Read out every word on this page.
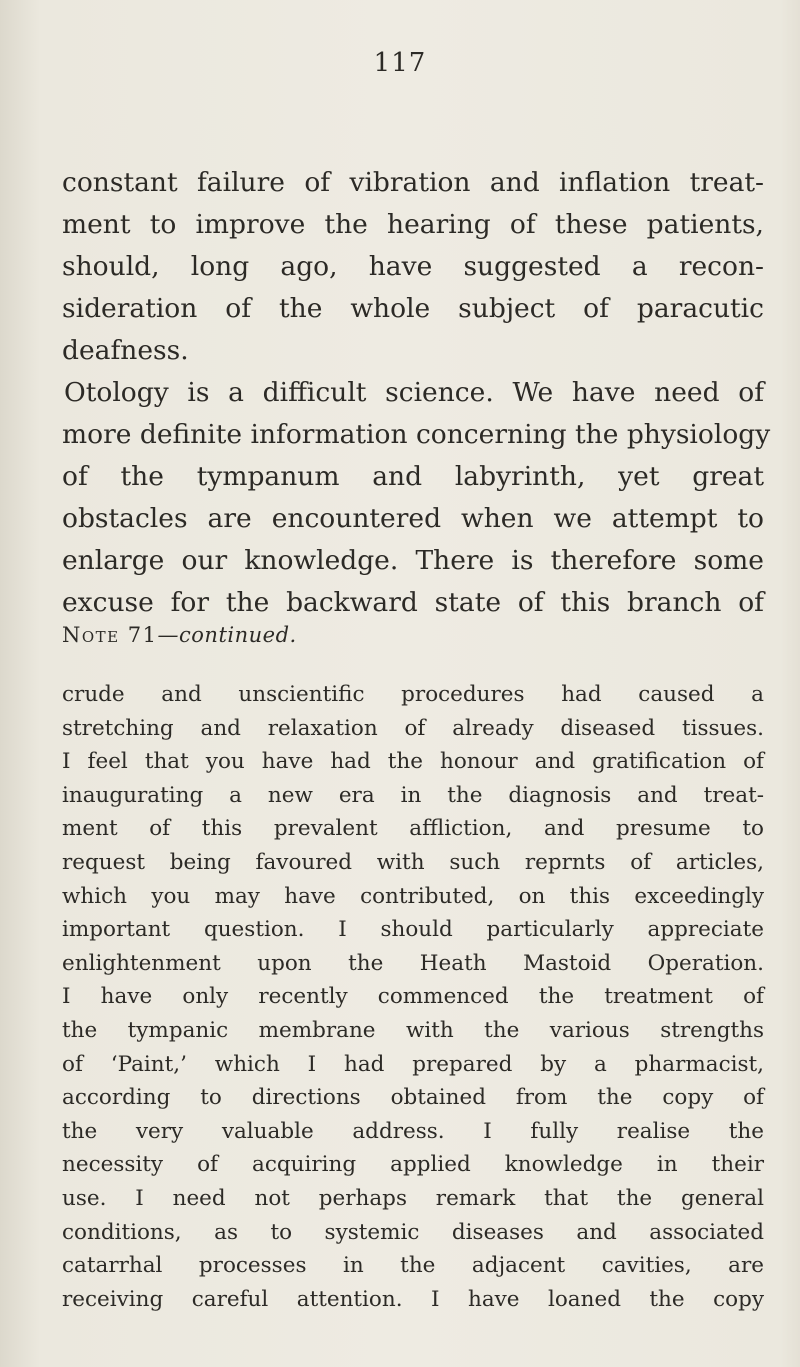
117
constant failure of vibration and inflation treat-
ment to improve the hearing of these patients,
should, long ago, have suggested a recon-
sideration of the whole subject of paracutic
deafness.
Otology is a difficult science. We have need of
more definite information concerning the physiology
of the tympanum and labyrinth, yet great
obstacles are encountered when we attempt to
enlarge our knowledge. There is therefore some
excuse for the backward state of this branch of
Note 71—continued.
crude and unscientific procedures had caused a
stretching and relaxation of already diseased tissues.
I feel that you have had the honour and gratification of
inaugurating a new era in the diagnosis and treat-
ment of this prevalent affliction, and presume to
request being favoured with such reprnts of articles,
which you may have contributed, on this exceedingly
important question. I should particularly appreciate
enlightenment upon the Heath Mastoid Operation.
I have only recently commenced the treatment of
the tympanic membrane with the various strengths
of ‘Paint,’ which I had prepared by a pharmacist,
according to directions obtained from the copy of
the very valuable address. I fully realise the
necessity of acquiring applied knowledge in their
use. I need not perhaps remark that the general
conditions, as to systemic diseases and associated
catarrhal processes in the adjacent cavities, are
receiving careful attention. I have loaned the copy
